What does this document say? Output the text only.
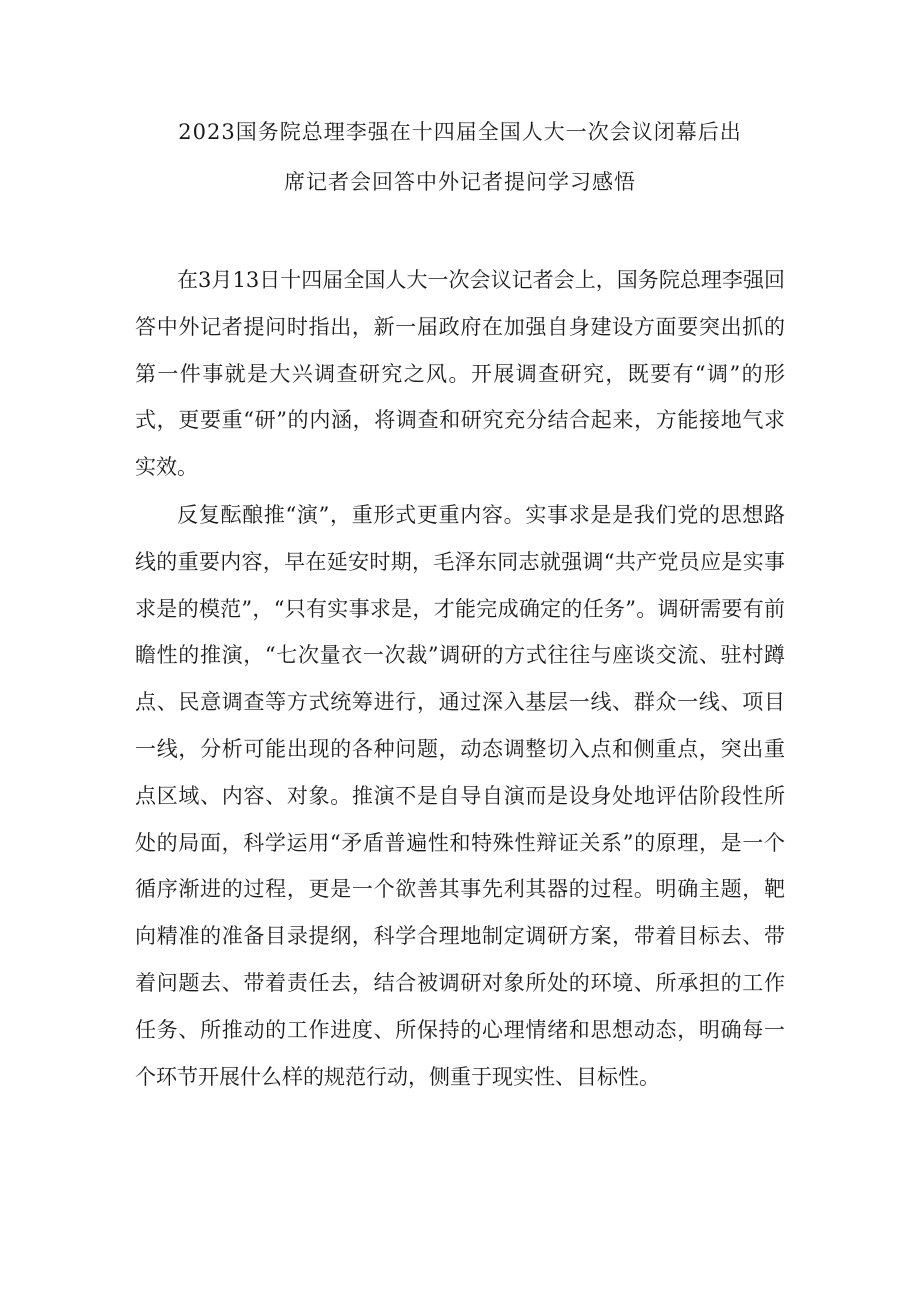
2023国务院总理李强在十四届全国人大一次会议闭幕后出
席记者会回答中外记者提问学习感悟

在3月13日十四届全国人大一次会议记者会上，国务院总理李强回答中外记者提问时指出，新一届政府在加强自身建设方面要突出抓的第一件事就是大兴调查研究之风。开展调查研究，既要有“调”的形式，更要重“研”的内涵，将调查和研究充分结合起来，方能接地气求实效。

反复酝酿推“演”，重形式更重内容。实事求是是我们党的思想路线的重要内容，早在延安时期，毛泽东同志就强调“共产党员应是实事求是的模范”，“只有实事求是，才能完成确定的任务”。调研需要有前瞻性的推演，“七次量衣一次裁”调研的方式往往与座谈交流、驻村蹲点、民意调查等方式统筹进行，通过深入基层一线、群众一线、项目一线，分析可能出现的各种问题，动态调整切入点和侧重点，突出重点区域、内容、对象。推演不是自导自演而是设身处地评估阶段性所处的局面，科学运用“矛盾普遍性和特殊性辩证关系”的原理，是一个循序渐进的过程，更是一个欲善其事先利其器的过程。明确主题，靶向精准的准备目录提纲，科学合理地制定调研方案，带着目标去、带着问题去、带着责任去，结合被调研对象所处的环境、所承担的工作任务、所推动的工作进度、所保持的心理情绪和思想动态，明确每一个环节开展什么样的规范行动，侧重于现实性、目标性。
